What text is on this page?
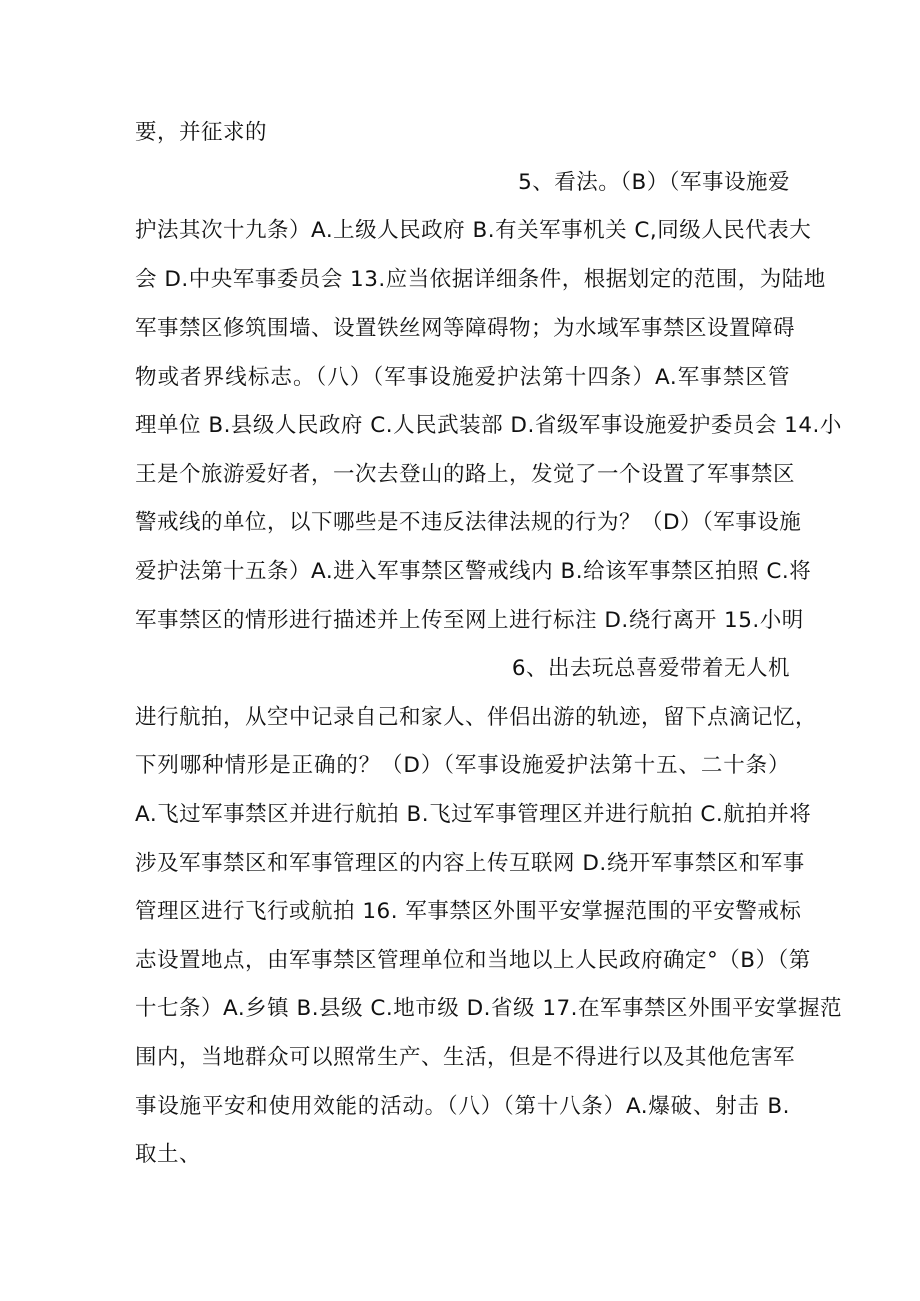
要，并征求的
5、看法。（B）（军事设施爱
护法其次十九条）A.上级人民政府 B.有关军事机关 C,同级人民代表大
会 D.中央军事委员会 13.应当依据详细条件，根据划定的范围，为陆地
军事禁区修筑围墙、设置铁丝网等障碍物；为水域军事禁区设置障碍
物或者界线标志。（八）（军事设施爱护法第十四条）A.军事禁区管
理单位 B.县级人民政府 C.人民武装部 D.省级军事设施爱护委员会 14.小
王是个旅游爱好者，一次去登山的路上，发觉了一个设置了军事禁区
警戒线的单位，以下哪些是不违反法律法规的行为？（D）（军事设施
爱护法第十五条）A.进入军事禁区警戒线内 B.给该军事禁区拍照 C.将
军事禁区的情形进行描述并上传至网上进行标注 D.绕行离开 15.小明
6、出去玩总喜爱带着无人机
进行航拍，从空中记录自己和家人、伴侣出游的轨迹，留下点滴记忆，
下列哪种情形是正确的？（D）（军事设施爱护法第十五、二十条）
A.飞过军事禁区并进行航拍 B.飞过军事管理区并进行航拍 C.航拍并将
涉及军事禁区和军事管理区的内容上传互联网 D.绕开军事禁区和军事
管理区进行飞行或航拍 16. 军事禁区外围平安掌握范围的平安警戒标
志设置地点，由军事禁区管理单位和当地以上人民政府确定°（B）（第
十七条）A.乡镇 B.县级 C.地市级 D.省级 17.在军事禁区外围平安掌握范
围内，当地群众可以照常生产、生活，但是不得进行以及其他危害军
事设施平安和使用效能的活动。（八）（第十八条）A.爆破、射击 B.
取土、
